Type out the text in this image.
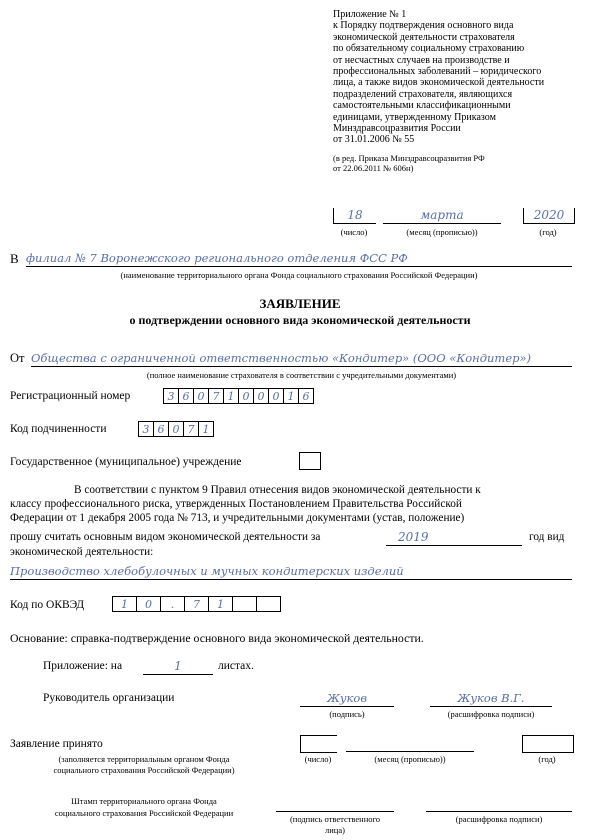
Приложение № 1
к Порядку подтверждения основного вида
экономической деятельности страхователя
по обязательному социальному страхованию
от несчастных случаев на производстве и
профессиональных заболеваний – юридического
лица, а также видов экономической деятельности
подразделений страхователя, являющихся
самостоятельными классификационными
единицами, утвержденному Приказом
Минздравсоцразвития России
от 31.01.2006 № 55
(в ред. Приказа Минздравсоцразвития РФ
от 22.06.2011 № 606н)
18	марта	2020
(число)	(месяц (прописью))	(год)
В филиал № 7 Воронежского регионального отделения ФСС РФ
(наименование территориального органа Фонда социального страхования Российской Федерации)
ЗАЯВЛЕНИЕ
о подтверждении основного вида экономической деятельности
От Общества с ограниченной ответственностью «Кондитер» (ООО «Кондитер»)
(полное наименование страхователя в соответствии с учредительными документами)
Регистрационный номер	3 6 0 7 1 0 0 0 1 6
Код подчиненности	3 6 0 7 1
Государственное (муниципальное) учреждение
В соответствии с пунктом 9 Правил отнесения видов экономической деятельности к
классу профессионального риска, утвержденных Постановлением Правительства Российской
Федерации от 1 декабря 2005 года № 713, и учредительными документами (устав, положение)
прошу считать основным видом экономической деятельности за	2019	год вид
экономической деятельности:
Производство хлебобулочных и мучных кондитерских изделий
Код по ОКВЭД	1	0	.	7	1
Основание: справка-подтверждение основного вида экономической деятельности.
Приложение: на	1	листах.
Руководитель организации	Жуков	Жуков В.Г.
(подпись)	(расшифровка подписи)
Заявление принято
(заполняется территориальным органом Фонда
социального страхования Российской Федерации)
(число)	(месяц (прописью))	(год)
Штамп территориального органа Фонда
социального страхования Российской Федерации
(подпись ответственного
лица)
(расшифровка подписи)
